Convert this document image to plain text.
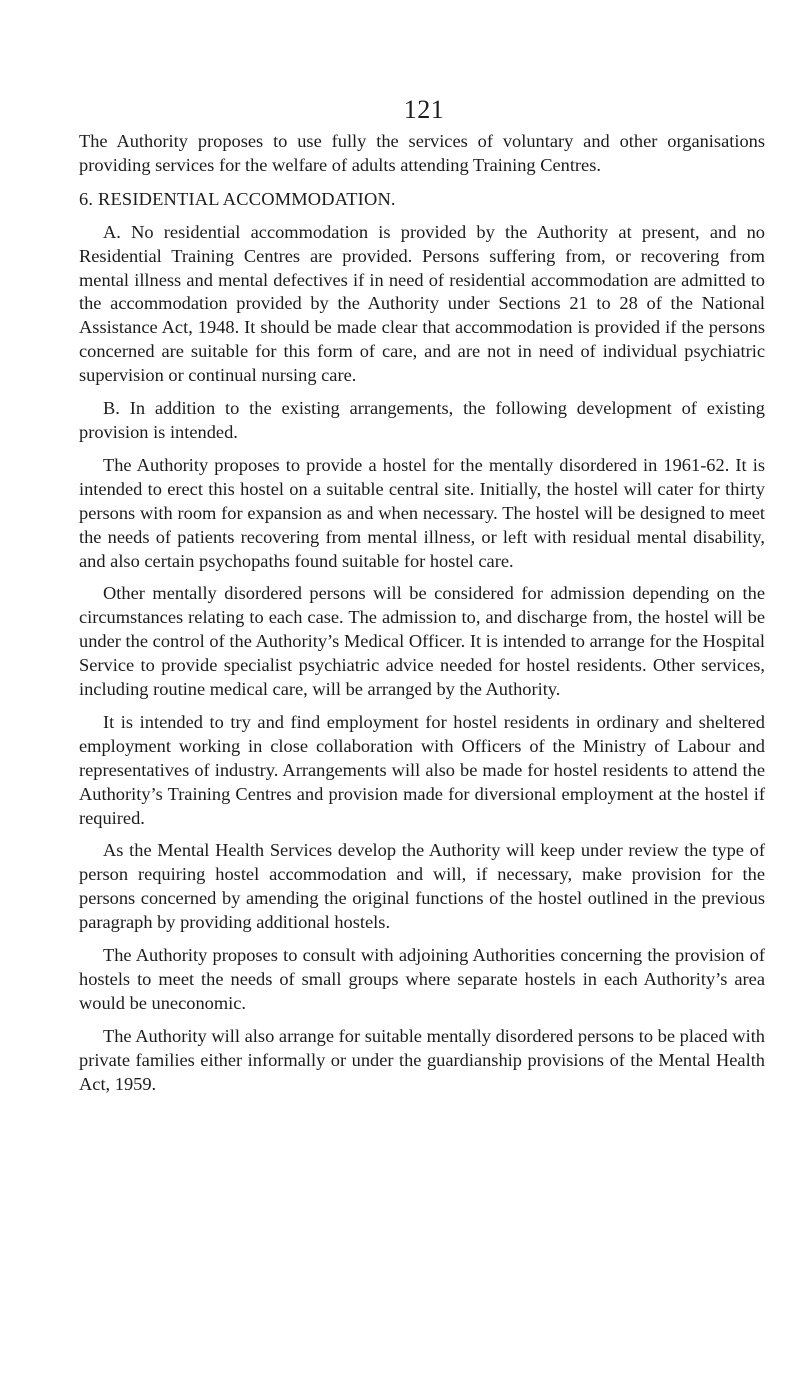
121

The Authority proposes to use fully the services of voluntary and other organisations providing services for the welfare of adults attending Training Centres.

6. RESIDENTIAL ACCOMMODATION.

A. No residential accommodation is provided by the Authority at present, and no Residential Training Centres are provided. Persons suffering from, or recovering from mental illness and mental defectives if in need of residential accommodation are admitted to the accommodation provided by the Authority under Sections 21 to 28 of the National Assistance Act, 1948. It should be made clear that accommodation is provided if the persons concerned are suitable for this form of care, and are not in need of individual psychiatric supervision or continual nursing care.

B. In addition to the existing arrangements, the following development of existing provision is intended.

The Authority proposes to provide a hostel for the mentally disordered in 1961-62. It is intended to erect this hostel on a suitable central site. Initially, the hostel will cater for thirty persons with room for expansion as and when necessary. The hostel will be designed to meet the needs of patients recovering from mental illness, or left with residual mental disability, and also certain psychopaths found suitable for hostel care.

Other mentally disordered persons will be considered for admission depending on the circumstances relating to each case. The admission to, and discharge from, the hostel will be under the control of the Authority’s Medical Officer. It is intended to arrange for the Hospital Service to provide specialist psychiatric advice needed for hostel residents. Other services, including routine medical care, will be arranged by the Authority.

It is intended to try and find employment for hostel residents in ordinary and sheltered employment working in close collaboration with Officers of the Ministry of Labour and representatives of industry. Arrangements will also be made for hostel residents to attend the Authority’s Training Centres and provision made for diversional employment at the hostel if required.

As the Mental Health Services develop the Authority will keep under review the type of person requiring hostel accommodation and will, if necessary, make provision for the persons concerned by amending the original functions of the hostel outlined in the previous paragraph by providing additional hostels.

The Authority proposes to consult with adjoining Authorities concerning the provision of hostels to meet the needs of small groups where separate hostels in each Authority’s area would be uneconomic.

The Authority will also arrange for suitable mentally disordered persons to be placed with private families either informally or under the guardianship provisions of the Mental Health Act, 1959.
